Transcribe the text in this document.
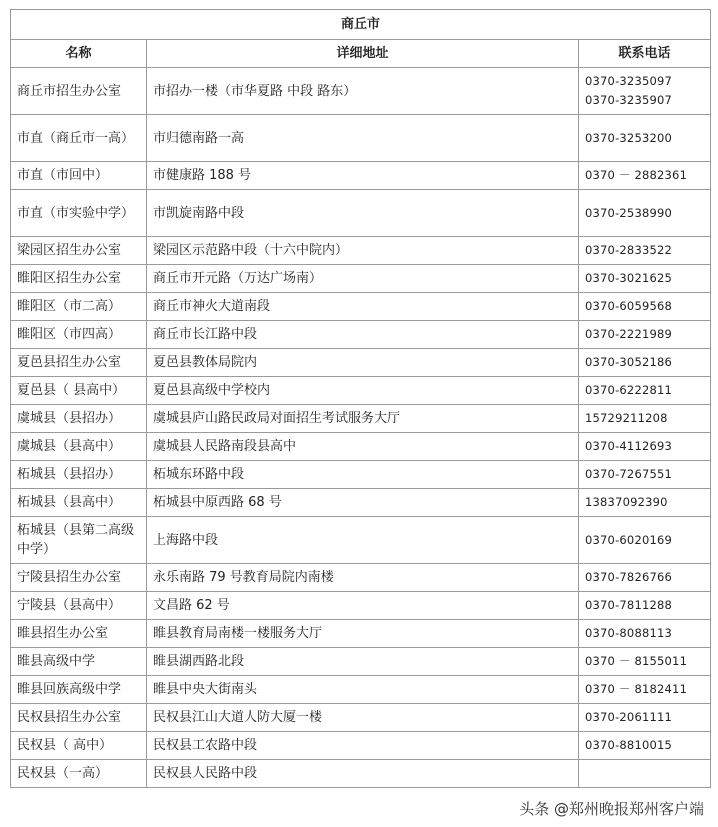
商丘市		
名称	详细地址	联系电话
商丘市招生办公室	市招办一楼（市华夏路 中段 路东）	0370-3235097
0370-3235907

市直（商丘市一高）	市归德南路一高	0370-3253200

市直（市回中）	市健康路 188 号	0370 － 2882361

市直（市实验中学）	市凯旋南路中段	0370-2538990

梁园区招生办公室	梁园区示范路中段（十六中院内）	0370-2833522

睢阳区招生办公室	商丘市开元路（万达广场南）	0370-3021625

睢阳区（市二高）	商丘市神火大道南段	0370-6059568

睢阳区（市四高）	商丘市长江路中段	0370-2221989

夏邑县招生办公室	夏邑县教体局院内	0370-3052186

夏邑县（ 县高中）	夏邑县高级中学校内	0370-6222811

虞城县（县招办）	虞城县庐山路民政局对面招生考试服务大厅	15729211208

虞城县（县高中）	虞城县人民路南段县高中	0370-4112693

柘城县（县招办）	柘城东环路中段	0370-7267551

柘城县（县高中）	柘城县中原西路 68 号	13837092390

柘城县（县第二高级中学）	上海路中段	0370-6020169

宁陵县招生办公室	永乐南路 79 号教育局院内南楼	0370-7826766

宁陵县（县高中）	文昌路 62 号	0370-7811288

睢县招生办公室	睢县教育局南楼一楼服务大厅	0370-8088113

睢县高级中学	睢县湖西路北段	0370 － 8155011

睢县回族高级中学	睢县中央大街南头	0370 － 8182411

民权县招生办公室	民权县江山大道人防大厦一楼	0370-2061111

民权县（ 高中）	民权县工农路中段	0370-8810015

民权县（一高）	民权县人民路中段	
头条 @郑州晚报郑州客户端
